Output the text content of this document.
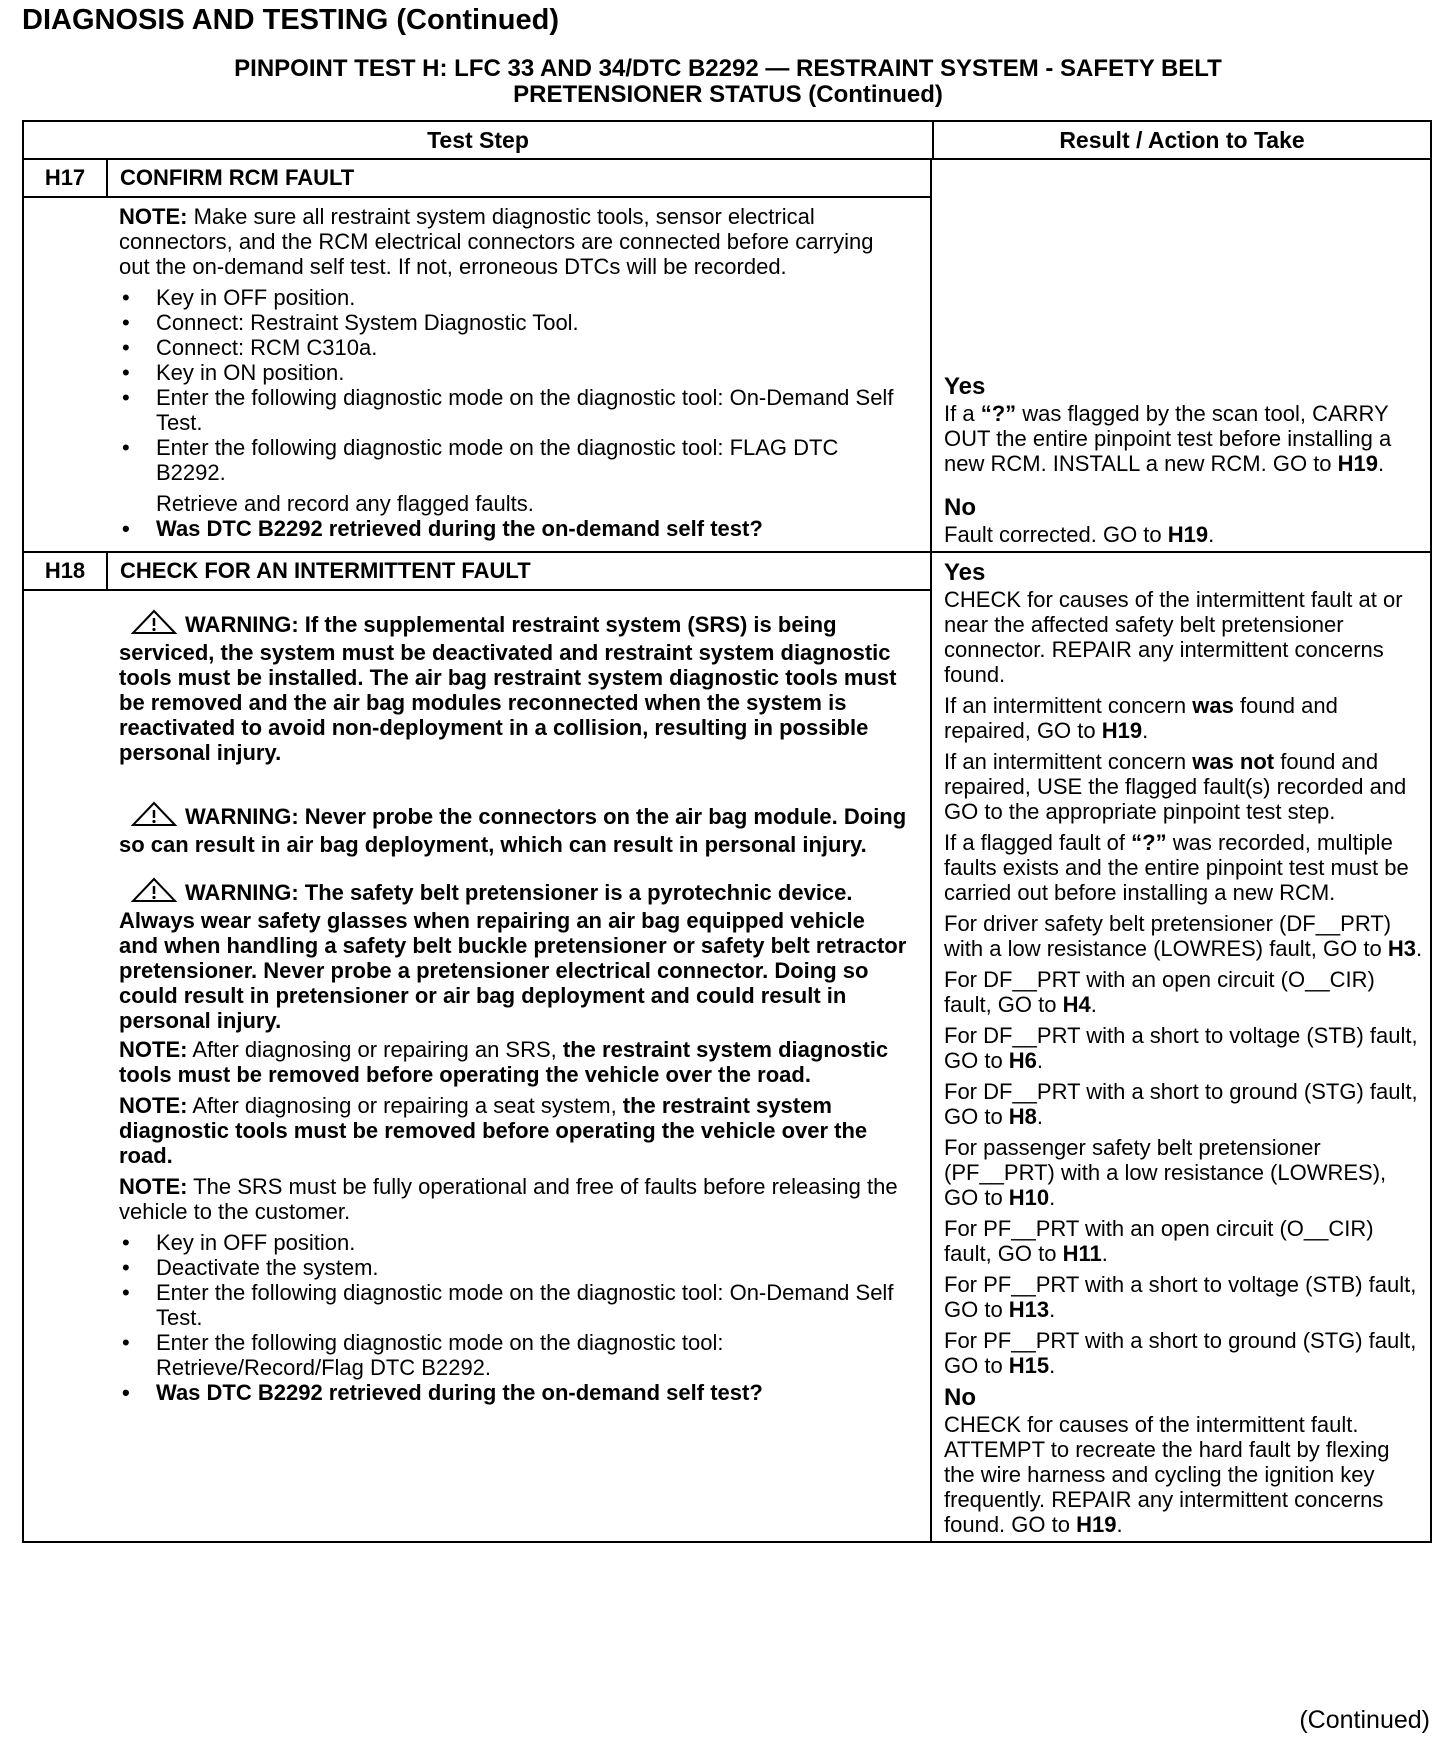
DIAGNOSIS AND TESTING (Continued)
PINPOINT TEST H: LFC 33 AND 34/DTC B2292 — RESTRAINT SYSTEM - SAFETY BELT
PRETENSIONER STATUS (Continued)
Test Step	Result / Action to Take
H17	CONFIRM RCM FAULT

NOTE: Make sure all restraint system diagnostic tools, sensor electrical connectors, and the RCM electrical connectors are connected before carrying out the on-demand self test. If not, erroneous DTCs will be recorded.

• Key in OFF position.
• Connect: Restraint System Diagnostic Tool.
• Connect: RCM C310a.
• Key in ON position.
• Enter the following diagnostic mode on the diagnostic tool: On-Demand Self Test.
• Enter the following diagnostic mode on the diagnostic tool: FLAG DTC B2292.

Retrieve and record any flagged faults.

• Was DTC B2292 retrieved during the on-demand self test?
Yes

If a “?” was flagged by the scan tool, CARRY OUT the entire pinpoint test before installing a new RCM. INSTALL a new RCM. GO to H19.

No

Fault corrected. GO to H19.

H18	CHECK FOR AN INTERMITTENT FAULT

WARNING: If the supplemental restraint system (SRS) is being serviced, the system must be deactivated and restraint system diagnostic tools must be installed. The air bag restraint system diagnostic tools must be removed and the air bag modules reconnected when the system is reactivated to avoid non-deployment in a collision, resulting in possible personal injury.

WARNING: Never probe the connectors on the air bag module. Doing so can result in air bag deployment, which can result in personal injury.

WARNING: The safety belt pretensioner is a pyrotechnic device. Always wear safety glasses when repairing an air bag equipped vehicle and when handling a safety belt buckle pretensioner or safety belt retractor pretensioner. Never probe a pretensioner electrical connector. Doing so could result in pretensioner or air bag deployment and could result in personal injury.

NOTE: After diagnosing or repairing an SRS, the restraint system diagnostic tools must be removed before operating the vehicle over the road.

NOTE: After diagnosing or repairing a seat system, the restraint system diagnostic tools must be removed before operating the vehicle over the road.

NOTE: The SRS must be fully operational and free of faults before releasing the vehicle to the customer.

• Key in OFF position.
• Deactivate the system.
• Enter the following diagnostic mode on the diagnostic tool: On-Demand Self Test.
• Enter the following diagnostic mode on the diagnostic tool: Retrieve/Record/Flag DTC B2292.
• Was DTC B2292 retrieved during the on-demand self test?
Yes

CHECK for causes of the intermittent fault at or near the affected safety belt pretensioner connector. REPAIR any intermittent concerns found.

If an intermittent concern was found and repaired, GO to H19.

If an intermittent concern was not found and repaired, USE the flagged fault(s) recorded and GO to the appropriate pinpoint test step.

If a flagged fault of “?” was recorded, multiple faults exists and the entire pinpoint test must be carried out before installing a new RCM.

For driver safety belt pretensioner (DF__PRT) with a low resistance (LOWRES) fault, GO to H3.

For DF__PRT with an open circuit (O__CIR) fault, GO to H4.

For DF__PRT with a short to voltage (STB) fault, GO to H6.

For DF__PRT with a short to ground (STG) fault, GO to H8.

For passenger safety belt pretensioner (PF__PRT) with a low resistance (LOWRES), GO to H10.

For PF__PRT with an open circuit (O__CIR) fault, GO to H11.

For PF__PRT with a short to voltage (STB) fault, GO to H13.

For PF__PRT with a short to ground (STG) fault, GO to H15.

No

CHECK for causes of the intermittent fault. ATTEMPT to recreate the hard fault by flexing the wire harness and cycling the ignition key frequently. REPAIR any intermittent concerns found. GO to H19.

(Continued)
